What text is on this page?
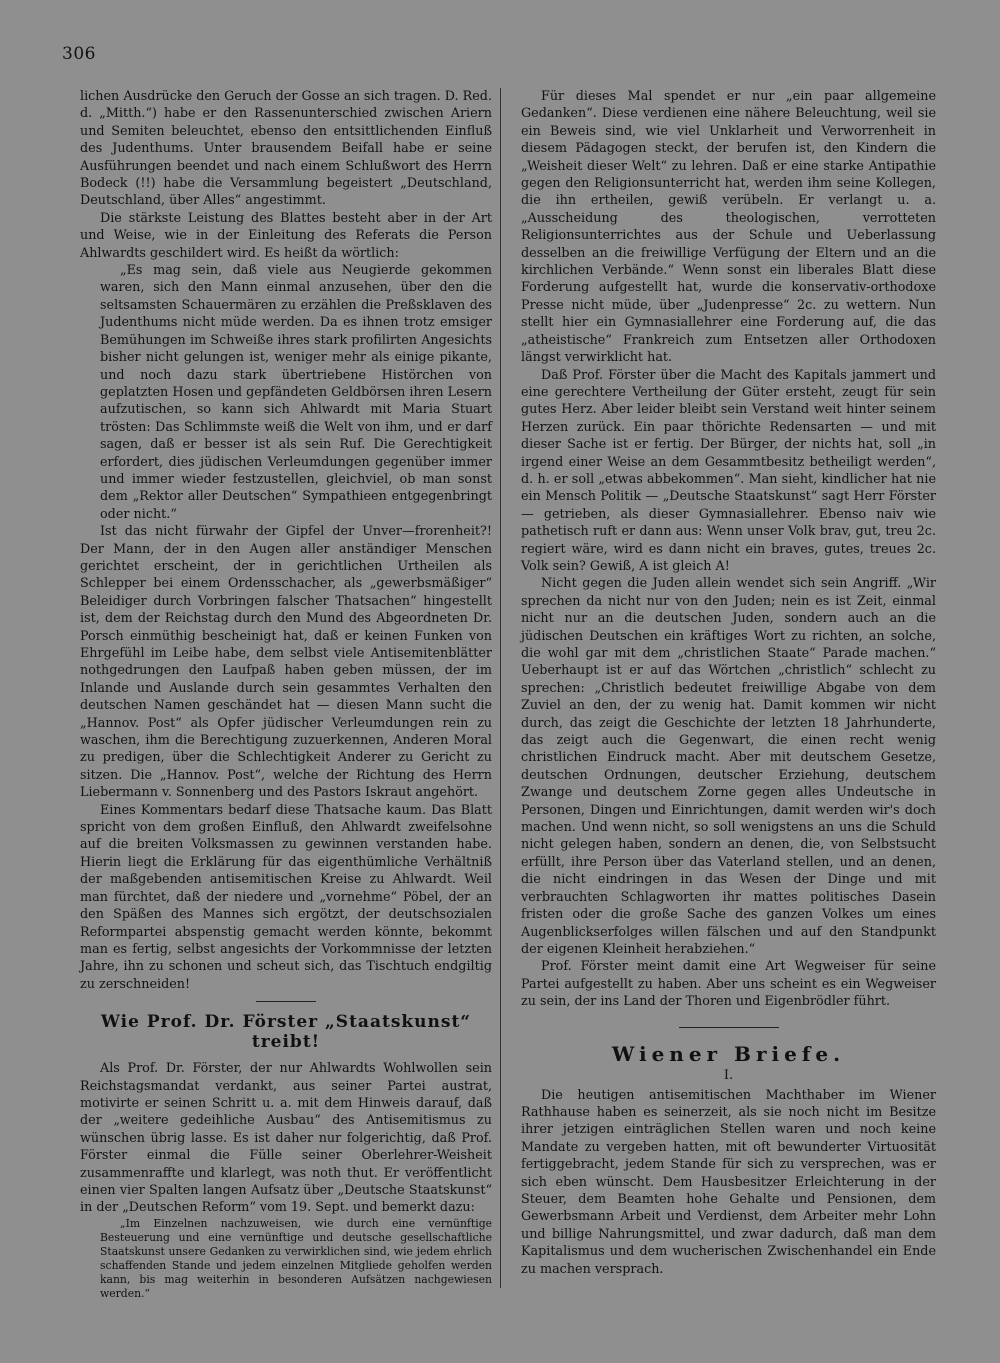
306

lichen Ausdrücke den Geruch der Gosse an sich tragen. D. Red. d. „Mitth.“) habe er den Rassenunterschied zwischen Ariern und Semiten beleuchtet, ebenso den entsittlichenden Einfluß des Judenthums. Unter brausendem Beifall habe er seine Ausführungen beendet und nach einem Schlußwort des Herrn Bodeck (!!) habe die Versammlung begeistert „Deutschland, Deutschland, über Alles“ angestimmt.

Die stärkste Leistung des Blattes besteht aber in der Art und Weise, wie in der Einleitung des Referats die Person Ahlwardts geschildert wird. Es heißt da wörtlich:

„Es mag sein, daß viele aus Neugierde gekommen waren, sich den Mann einmal anzusehen, über den die seltsamsten Schauermären zu erzählen die Preßsklaven des Judenthums nicht müde werden. Da es ihnen trotz emsiger Bemühungen im Schweiße ihres stark profilirten Angesichts bisher nicht gelungen ist, weniger mehr als einige pikante, und noch dazu stark übertriebene Histörchen von geplatzten Hosen und gepfändeten Geldbörsen ihren Lesern aufzutischen, so kann sich Ahlwardt mit Maria Stuart trösten: Das Schlimmste weiß die Welt von ihm, und er darf sagen, daß er besser ist als sein Ruf. Die Gerechtigkeit erfordert, dies jüdischen Verleumdungen gegenüber immer und immer wieder festzustellen, gleichviel, ob man sonst dem „Rektor aller Deutschen“ Sympathieen entgegenbringt oder nicht.“

Ist das nicht fürwahr der Gipfel der Unver—frorenheit?! Der Mann, der in den Augen aller anständiger Menschen gerichtet erscheint, der in gerichtlichen Urtheilen als Schlepper bei einem Ordensschacher, als „gewerbsmäßiger“ Beleidiger durch Vorbringen falscher Thatsachen“ hingestellt ist, dem der Reichstag durch den Mund des Abgeordneten Dr. Porsch einmüthig bescheinigt hat, daß er keinen Funken von Ehrgefühl im Leibe habe, dem selbst viele Antisemitenblätter nothgedrungen den Laufpaß haben geben müssen, der im Inlande und Auslande durch sein gesammtes Verhalten den deutschen Namen geschändet hat — diesen Mann sucht die „Hannov. Post“ als Opfer jüdischer Verleumdungen rein zu waschen, ihm die Berechtigung zuzuerkennen, Anderen Moral zu predigen, über die Schlechtigkeit Anderer zu Gericht zu sitzen. Die „Hannov. Post“, welche der Richtung des Herrn Liebermann v. Sonnenberg und des Pastors Iskraut angehört.

Eines Kommentars bedarf diese Thatsache kaum. Das Blatt spricht von dem großen Einfluß, den Ahlwardt zweifelsohne auf die breiten Volksmassen zu gewinnen verstanden habe. Hierin liegt die Erklärung für das eigenthümliche Verhältniß der maßgebenden antisemitischen Kreise zu Ahlwardt. Weil man fürchtet, daß der niedere und „vornehme“ Pöbel, der an den Späßen des Mannes sich ergötzt, der deutschsozialen Reformpartei abspenstig gemacht werden könnte, bekommt man es fertig, selbst angesichts der Vorkommnisse der letzten Jahre, ihn zu schonen und scheut sich, das Tischtuch endgiltig zu zerschneiden!

Wie Prof. Dr. Förster „Staatskunst“ treibt!

Als Prof. Dr. Förster, der nur Ahlwardts Wohlwollen sein Reichstagsmandat verdankt, aus seiner Partei austrat, motivirte er seinen Schritt u. a. mit dem Hinweis darauf, daß der „weitere gedeihliche Ausbau“ des Antisemitismus zu wünschen übrig lasse. Es ist daher nur folgerichtig, daß Prof. Förster einmal die Fülle seiner Oberlehrer-Weisheit zusammenraffte und klarlegt, was noth thut. Er veröffentlicht einen vier Spalten langen Aufsatz über „Deutsche Staatskunst“ in der „Deutschen Reform“ vom 19. Sept. und bemerkt dazu:

„Im Einzelnen nachzuweisen, wie durch eine vernünftige Besteuerung und eine vernünftige und deutsche gesellschaftliche Staatskunst unsere Gedanken zu verwirklichen sind, wie jedem ehrlich schaffenden Stande und jedem einzelnen Mitgliede geholfen werden kann, bis mag weiterhin in besonderen Aufsätzen nachgewiesen werden.“

Für dieses Mal spendet er nur „ein paar allgemeine Gedanken“. Diese verdienen eine nähere Beleuchtung, weil sie ein Beweis sind, wie viel Unklarheit und Verworrenheit in diesem Pädagogen steckt, der berufen ist, den Kindern die „Weisheit dieser Welt“ zu lehren. Daß er eine starke Antipathie gegen den Religionsunterricht hat, werden ihm seine Kollegen, die ihn ertheilen, gewiß verübeln. Er verlangt u. a. „Ausscheidung des theologischen, verrotteten Religionsunterrichtes aus der Schule und Ueberlassung desselben an die freiwillige Verfügung der Eltern und an die kirchlichen Verbände.“ Wenn sonst ein liberales Blatt diese Forderung aufgestellt hat, wurde die konservativ-orthodoxe Presse nicht müde, über „Judenpresse“ 2c. zu wettern. Nun stellt hier ein Gymnasiallehrer eine Forderung auf, die das „atheistische“ Frankreich zum Entsetzen aller Orthodoxen längst verwirklicht hat.

Daß Prof. Förster über die Macht des Kapitals jammert und eine gerechtere Vertheilung der Güter ersteht, zeugt für sein gutes Herz. Aber leider bleibt sein Verstand weit hinter seinem Herzen zurück. Ein paar thörichte Redensarten — und mit dieser Sache ist er fertig. Der Bürger, der nichts hat, soll „in irgend einer Weise an dem Gesammtbesitz betheiligt werden“, d. h. er soll „etwas abbekommen“. Man sieht, kindlicher hat nie ein Mensch Politik — „Deutsche Staatskunst“ sagt Herr Förster — getrieben, als dieser Gymnasiallehrer. Ebenso naiv wie pathetisch ruft er dann aus: Wenn unser Volk brav, gut, treu 2c. regiert wäre, wird es dann nicht ein braves, gutes, treues 2c. Volk sein? Gewiß, A ist gleich A!

Nicht gegen die Juden allein wendet sich sein Angriff. „Wir sprechen da nicht nur von den Juden; nein es ist Zeit, einmal nicht nur an die deutschen Juden, sondern auch an die jüdischen Deutschen ein kräftiges Wort zu richten, an solche, die wohl gar mit dem „christlichen Staate“ Parade machen.“ Ueberhaupt ist er auf das Wörtchen „christlich“ schlecht zu sprechen: „Christlich bedeutet freiwillige Abgabe von dem Zuviel an den, der zu wenig hat. Damit kommen wir nicht durch, das zeigt die Geschichte der letzten 18 Jahrhunderte, das zeigt auch die Gegenwart, die einen recht wenig christlichen Eindruck macht. Aber mit deutschem Gesetze, deutschen Ordnungen, deutscher Erziehung, deutschem Zwange und deutschem Zorne gegen alles Undeutsche in Personen, Dingen und Einrichtungen, damit werden wir's doch machen. Und wenn nicht, so soll wenigstens an uns die Schuld nicht gelegen haben, sondern an denen, die, von Selbstsucht erfüllt, ihre Person über das Vaterland stellen, und an denen, die nicht eindringen in das Wesen der Dinge und mit verbrauchten Schlagworten ihr mattes politisches Dasein fristen oder die große Sache des ganzen Volkes um eines Augenblickserfolges willen fälschen und auf den Standpunkt der eigenen Kleinheit herabziehen.“

Prof. Förster meint damit eine Art Wegweiser für seine Partei aufgestellt zu haben. Aber uns scheint es ein Wegweiser zu sein, der ins Land der Thoren und Eigenbrödler führt.

Wiener Briefe.
I.

Die heutigen antisemitischen Machthaber im Wiener Rathhause haben es seinerzeit, als sie noch nicht im Besitze ihrer jetzigen einträglichen Stellen waren und noch keine Mandate zu vergeben hatten, mit oft bewunderter Virtuosität fertiggebracht, jedem Stande für sich zu versprechen, was er sich eben wünscht. Dem Hausbesitzer Erleichterung in der Steuer, dem Beamten hohe Gehalte und Pensionen, dem Gewerbsmann Arbeit und Verdienst, dem Arbeiter mehr Lohn und billige Nahrungsmittel, und zwar dadurch, daß man dem Kapitalismus und dem wucherischen Zwischenhandel ein Ende zu machen versprach.
